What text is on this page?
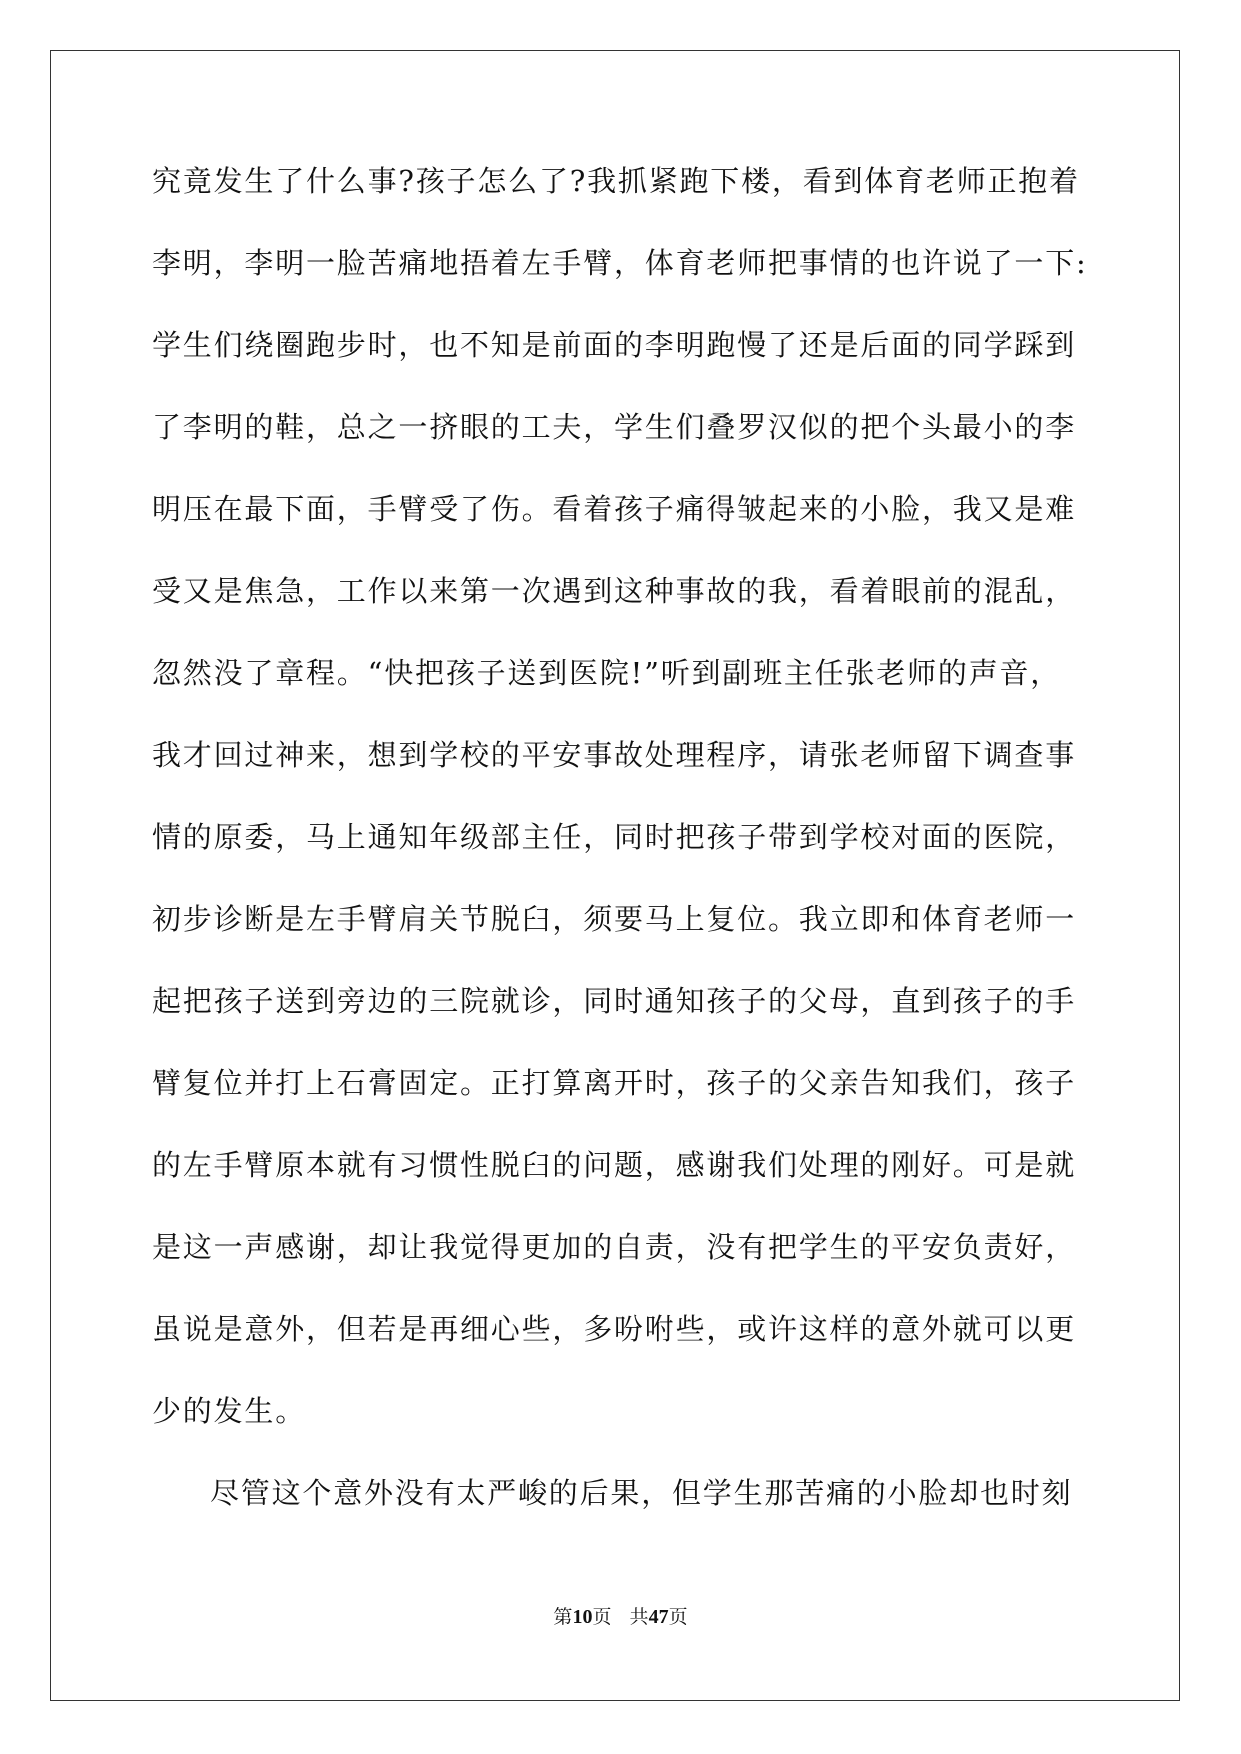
究竟发生了什么事?孩子怎么了?我抓紧跑下楼，看到体育老师正抱着
李明，李明一脸苦痛地捂着左手臂，体育老师把事情的也许说了一下:
学生们绕圈跑步时，也不知是前面的李明跑慢了还是后面的同学踩到
了李明的鞋，总之一挤眼的工夫，学生们叠罗汉似的把个头最小的李
明压在最下面，手臂受了伤。看着孩子痛得皱起来的小脸，我又是难
受又是焦急，工作以来第一次遇到这种事故的我，看着眼前的混乱，
忽然没了章程。“快把孩子送到医院!”听到副班主任张老师的声音，
我才回过神来，想到学校的平安事故处理程序，请张老师留下调查事
情的原委，马上通知年级部主任，同时把孩子带到学校对面的医院，
初步诊断是左手臂肩关节脱臼，须要马上复位。我立即和体育老师一
起把孩子送到旁边的三院就诊，同时通知孩子的父母，直到孩子的手
臂复位并打上石膏固定。正打算离开时，孩子的父亲告知我们，孩子
的左手臂原本就有习惯性脱臼的问题，感谢我们处理的刚好。可是就
是这一声感谢，却让我觉得更加的自责，没有把学生的平安负责好，
虽说是意外，但若是再细心些，多吩咐些，或许这样的意外就可以更
少的发生。
尽管这个意外没有太严峻的后果，但学生那苦痛的小脸却也时刻
第10页   共47页
